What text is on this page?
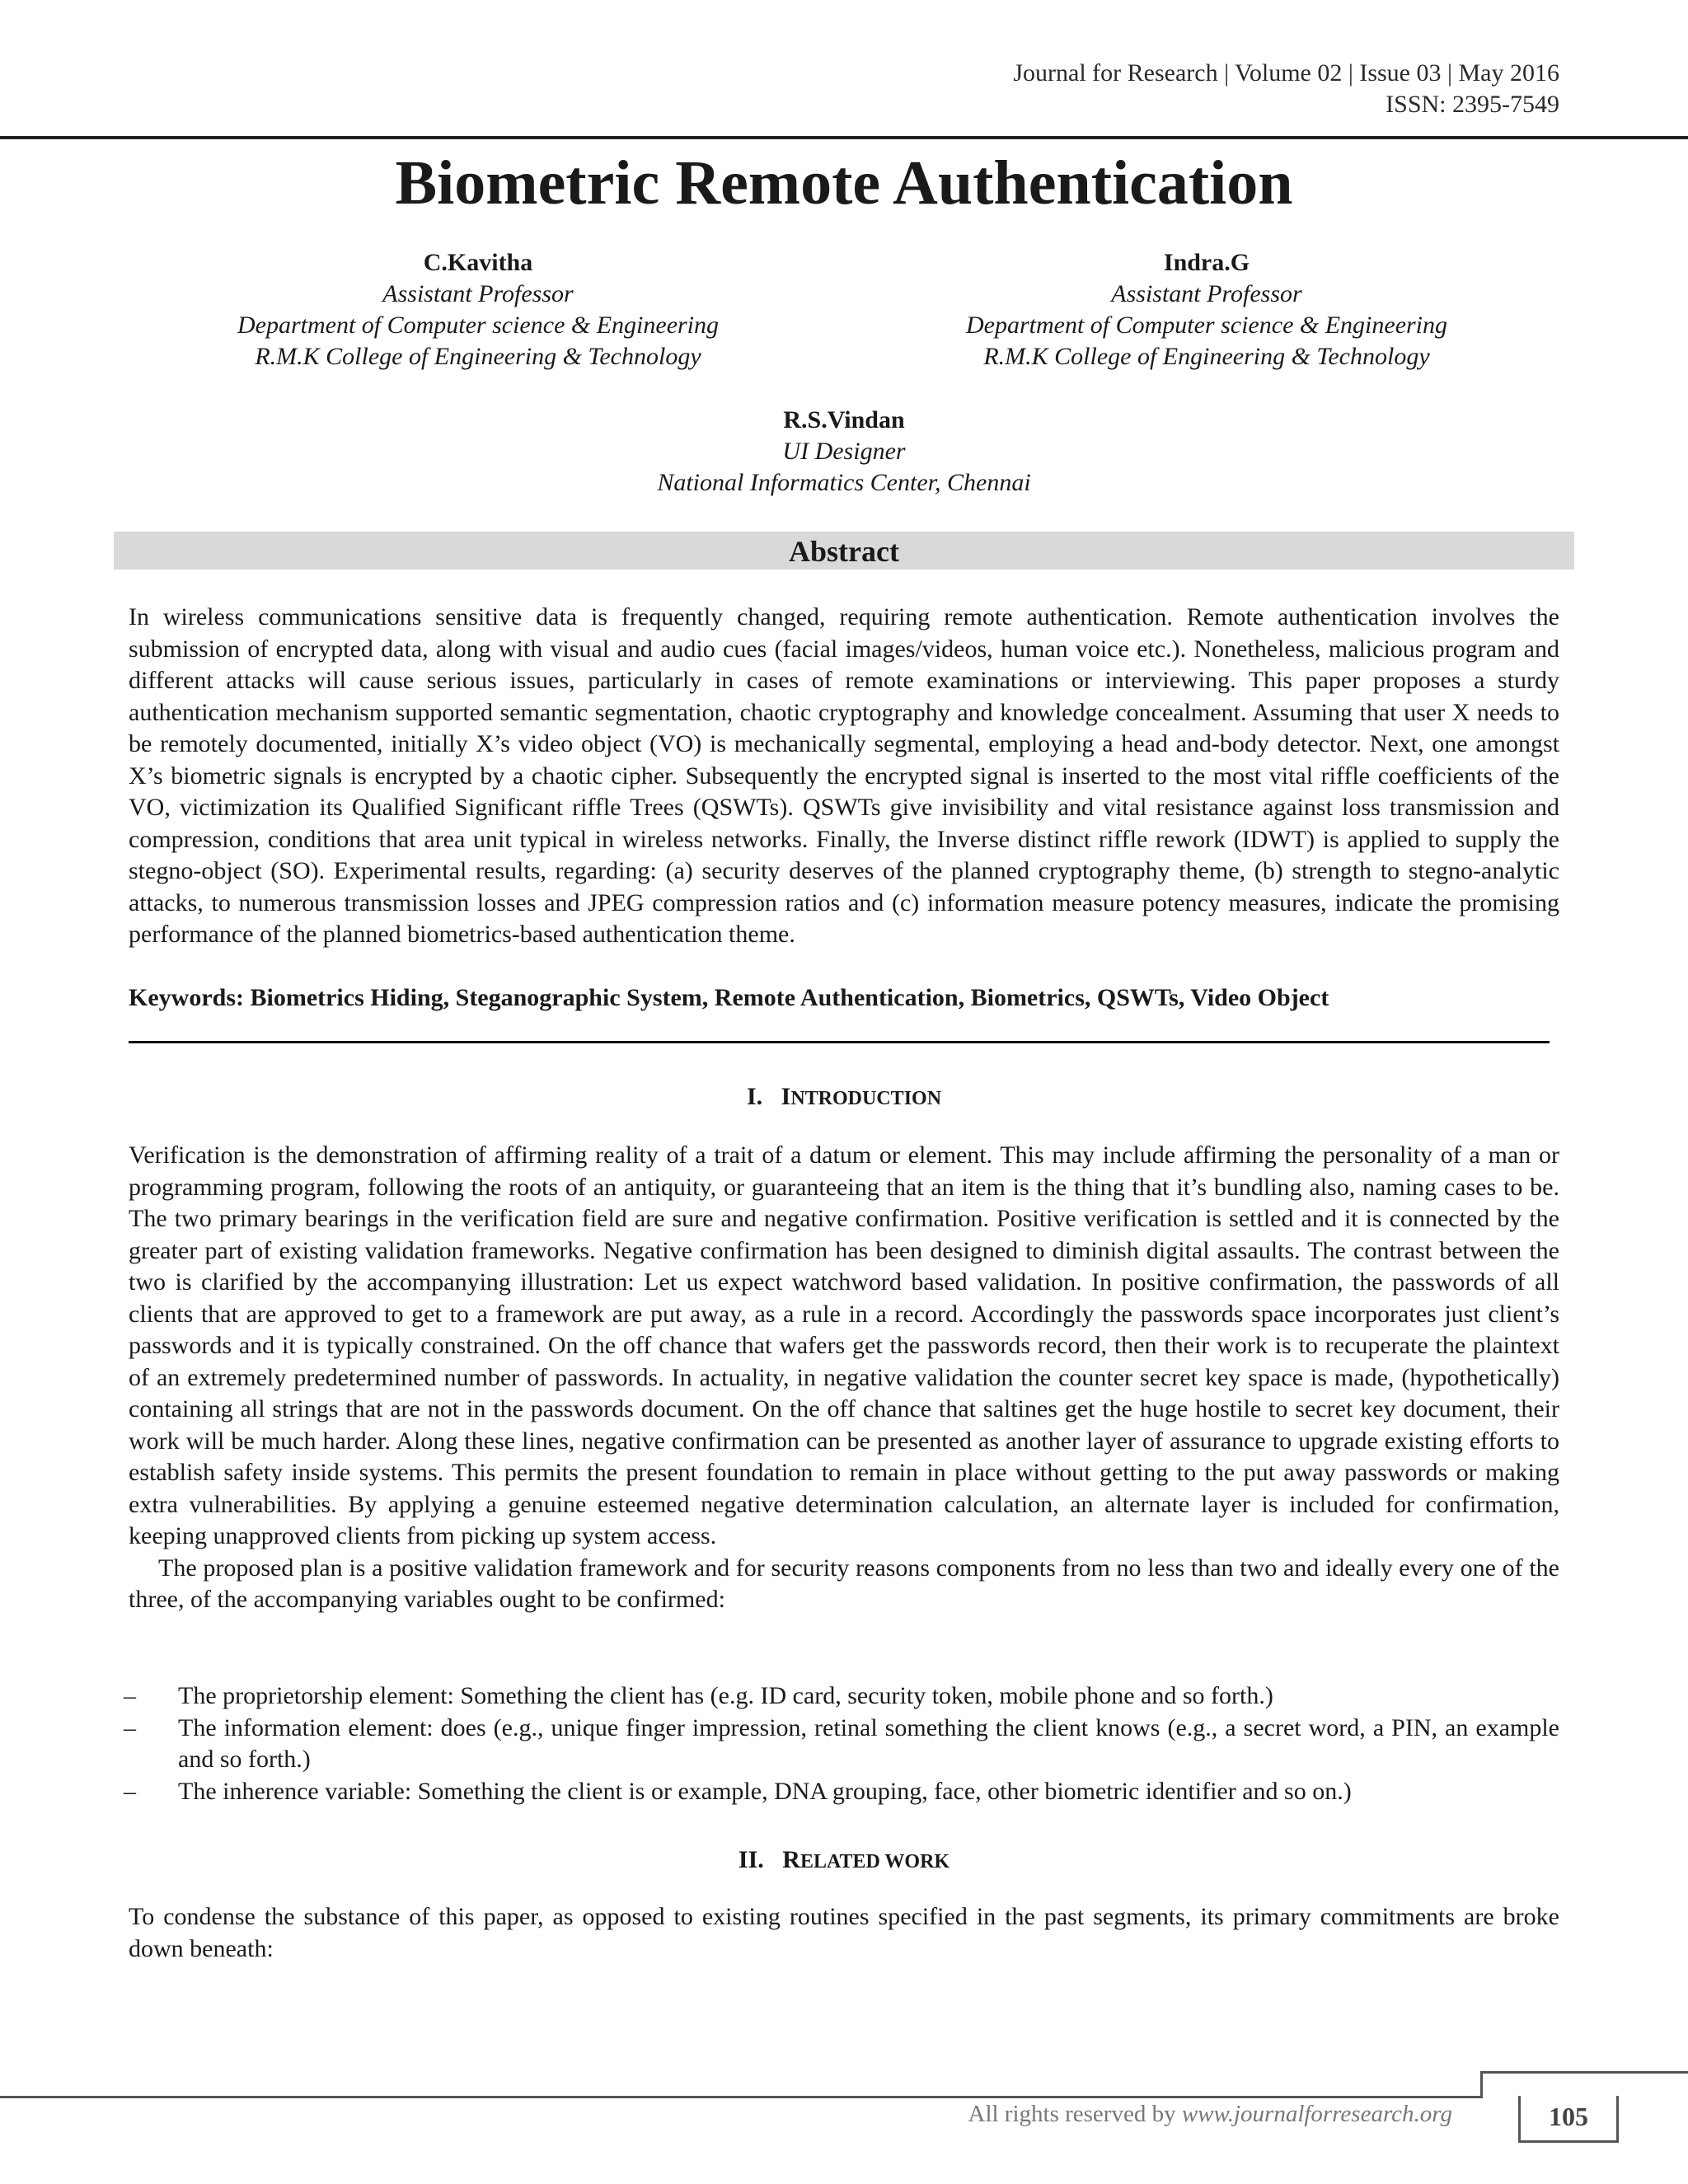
Journal for Research | Volume 02 | Issue 03 | May 2016
ISSN: 2395-7549
Biometric Remote Authentication
C.Kavitha
Assistant Professor
Department of Computer science & Engineering
R.M.K College of Engineering & Technology
Indra.G
Assistant Professor
Department of Computer science & Engineering
R.M.K College of Engineering & Technology
R.S.Vindan
UI Designer
National Informatics Center, Chennai
Abstract

In wireless communications sensitive data is frequently changed, requiring remote authentication. Remote authentication involves the submission of encrypted data, along with visual and audio cues (facial images/videos, human voice etc.). Nonetheless, malicious program and different attacks will cause serious issues, particularly in cases of remote examinations or interviewing. This paper proposes a sturdy authentication mechanism supported semantic segmentation, chaotic cryptography and knowledge concealment. Assuming that user X needs to be remotely documented, initially X’s video object (VO) is mechanically segmental, employing a head and-body detector. Next, one amongst X’s biometric signals is encrypted by a chaotic cipher. Subsequently the encrypted signal is inserted to the most vital riffle coefficients of the VO, victimization its Qualified Significant riffle Trees (QSWTs). QSWTs give invisibility and vital resistance against loss transmission and compression, conditions that area unit typical in wireless networks. Finally, the Inverse distinct riffle rework (IDWT) is applied to supply the stegno-object (SO). Experimental results, regarding: (a) security deserves of the planned cryptography theme, (b) strength to stegno-analytic attacks, to numerous transmission losses and JPEG compression ratios and (c) information measure potency measures, indicate the promising performance of the planned biometrics-based authentication theme.

Keywords: Biometrics Hiding, Steganographic System, Remote Authentication, Biometrics, QSWTs, Video Object
I. INTRODUCTION

Verification is the demonstration of affirming reality of a trait of a datum or element. This may include affirming the personality of a man or programming program, following the roots of an antiquity, or guaranteeing that an item is the thing that it’s bundling also, naming cases to be. The two primary bearings in the verification field are sure and negative confirmation. Positive verification is settled and it is connected by the greater part of existing validation frameworks. Negative confirmation has been designed to diminish digital assaults. The contrast between the two is clarified by the accompanying illustration: Let us expect watchword based validation. In positive confirmation, the passwords of all clients that are approved to get to a framework are put away, as a rule in a record. Accordingly the passwords space incorporates just client’s passwords and it is typically constrained. On the off chance that wafers get the passwords record, then their work is to recuperate the plaintext of an extremely predetermined number of passwords. In actuality, in negative validation the counter secret key space is made, (hypothetically) containing all strings that are not in the passwords document. On the off chance that saltines get the huge hostile to secret key document, their work will be much harder. Along these lines, negative confirmation can be presented as another layer of assurance to upgrade existing efforts to establish safety inside systems. This permits the present foundation to remain in place without getting to the put away passwords or making extra vulnerabilities. By applying a genuine esteemed negative determination calculation, an alternate layer is included for confirmation, keeping unapproved clients from picking up system access.

The proposed plan is a positive validation framework and for security reasons components from no less than two and ideally every one of the three, of the accompanying variables ought to be confirmed:

– The proprietorship element: Something the client has (e.g. ID card, security token, mobile phone and so forth.)
– The information element: does (e.g., unique finger impression, retinal something the client knows (e.g., a secret word, a PIN, an example and so forth.)
– The inherence variable: Something the client is or example, DNA grouping, face, other biometric identifier and so on.)
II. RELATED WORK

To condense the substance of this paper, as opposed to existing routines specified in the past segments, its primary commitments are broke down beneath:

All rights reserved by www.journalforresearch.org	105
